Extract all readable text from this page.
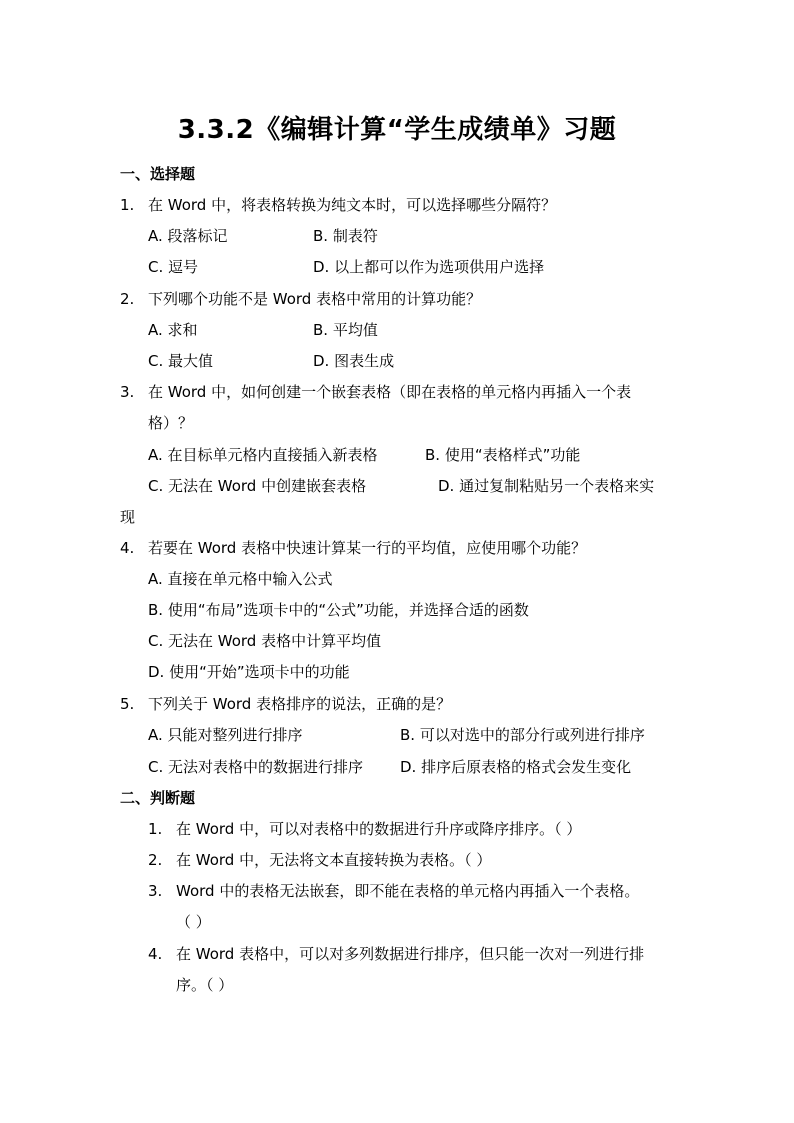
3.3.2《编辑计算“学生成绩单》习题
一、选择题
1. 在 Word 中，将表格转换为纯文本时，可以选择哪些分隔符？
A. 段落标记	B. 制表符
C. 逗号	D. 以上都可以作为选项供用户选择
2. 下列哪个功能不是 Word 表格中常用的计算功能？
A. 求和	B. 平均值
C. 最大值	D. 图表生成
3. 在 Word 中，如何创建一个嵌套表格（即在表格的单元格内再插入一个表
格）？
A. 在目标单元格内直接插入新表格	B. 使用“表格样式”功能
C. 无法在 Word 中创建嵌套表格	D. 通过复制粘贴另一个表格来实
现
4. 若要在 Word 表格中快速计算某一行的平均值，应使用哪个功能？
A. 直接在单元格中输入公式
B. 使用“布局”选项卡中的“公式”功能，并选择合适的函数
C. 无法在 Word 表格中计算平均值
D. 使用“开始”选项卡中的功能
5. 下列关于 Word 表格排序的说法，正确的是？
A. 只能对整列进行排序	B. 可以对选中的部分行或列进行排序
C. 无法对表格中的数据进行排序 D. 排序后原表格的格式会发生变化
二、判断题
1. 在 Word 中，可以对表格中的数据进行升序或降序排序。（ ）
2. 在 Word 中，无法将文本直接转换为表格。（ ）
3. Word 中的表格无法嵌套，即不能在表格的单元格内再插入一个表格。
（ ）
4. 在 Word 表格中，可以对多列数据进行排序，但只能一次对一列进行排
序。（ ）
